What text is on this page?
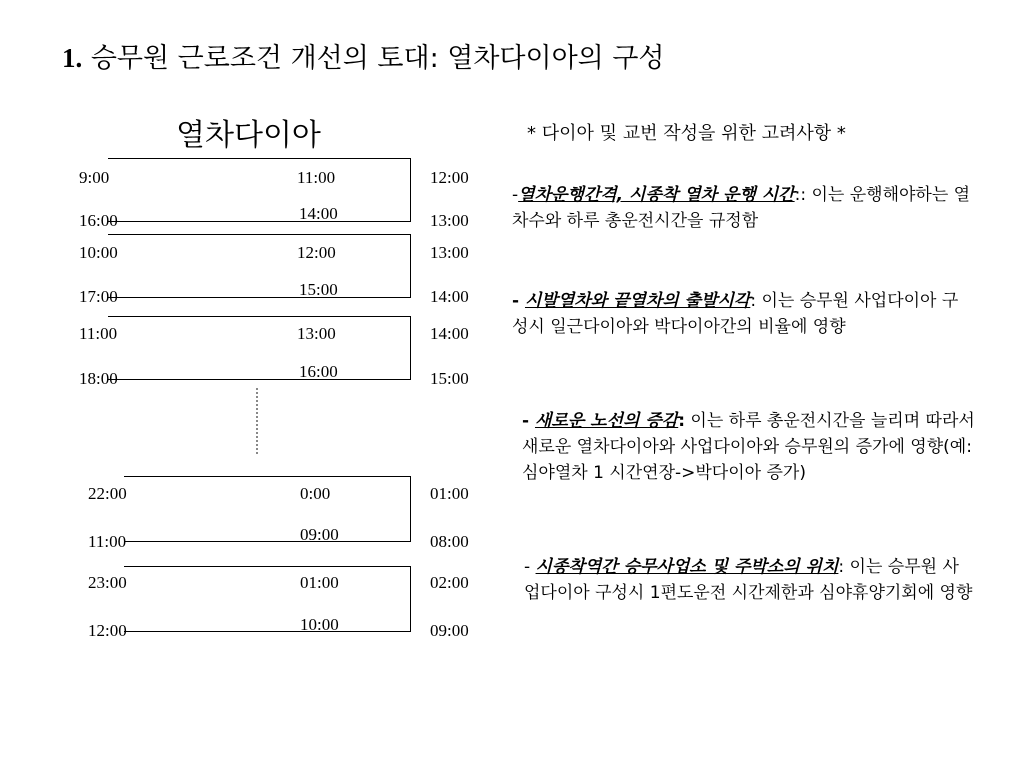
1. 승무원 근로조건 개선의 토대: 열차다이아의 구성
열차다이아
9:00	11:00	12:00
16:00	14:00	13:00
10:00	12:00	13:00
17:00	15:00	14:00
11:00	13:00	14:00
18:00	16:00	15:00
22:00	0:00	01:00
11:00	09:00	08:00
23:00	01:00	02:00
12:00	10:00	09:00
* 다이아 및 교번 작성을 위한 고려사항 *
-열차운행간격, 시종착 열차 운행 시간:: 이는 운행해야하는 열차수와 하루 총운전시간을 규정함
- 시발열차와 끝열차의 출발시각: 이는 승무원 사업다이아 구성시 일근다이아와 박다이아간의 비율에 영향
- 새로운 노선의 증감: 이는 하루 총운전시간을 늘리며 따라서 새로운 열차다이아와 사업다이아와 승무원의 증가에 영향(예: 심야열차 1 시간연장->박다이아 증가)
- 시종착역간 승무사업소 및 주박소의 위치: 이는 승무원 사업다이아 구성시 1편도운전 시간제한과 심야휴양기회에 영향
